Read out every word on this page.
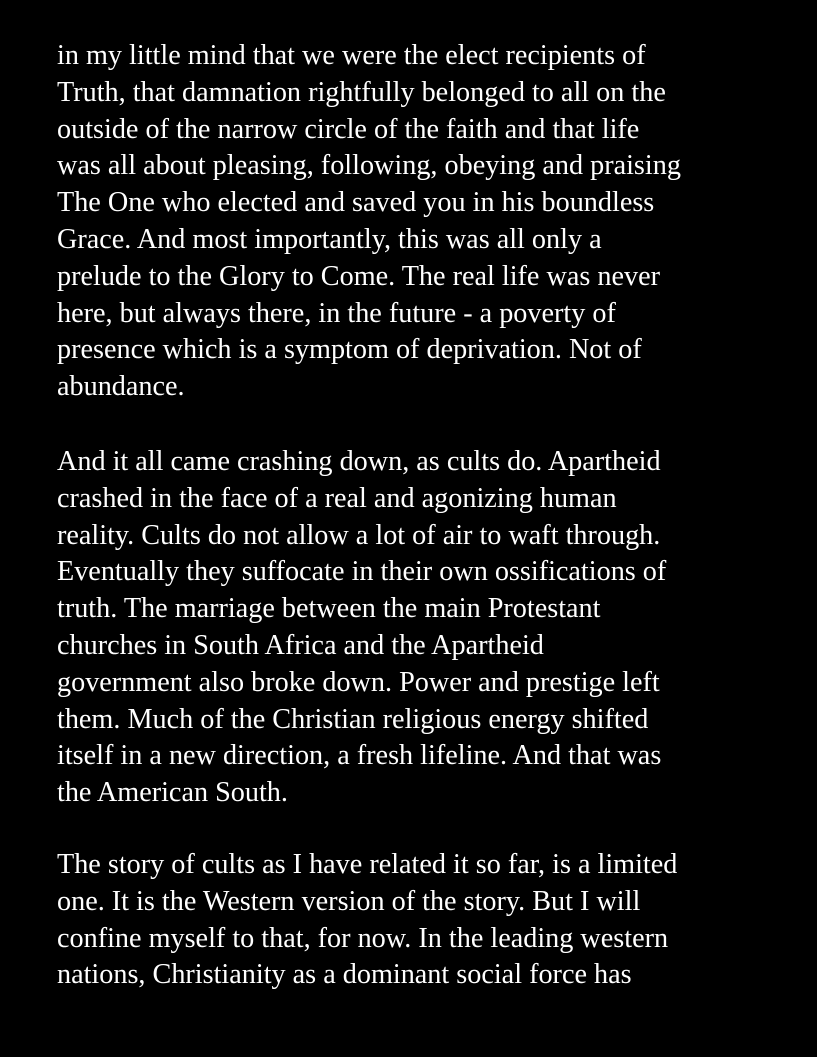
in my little mind that we were the elect recipients of
Truth, that damnation rightfully belonged to all on the
outside of the narrow circle of the faith and that life
was all about pleasing, following, obeying and praising
The One who elected and saved you in his boundless
Grace. And most importantly, this was all only a
prelude to the Glory to Come. The real life was never
here, but always there, in the future - a poverty of
presence which is a symptom of deprivation. Not of
abundance.
And it all came crashing down, as cults do. Apartheid
crashed in the face of a real and agonizing human
reality. Cults do not allow a lot of air to waft through.
Eventually they suffocate in their own ossifications of
truth. The marriage between the main Protestant
churches in South Africa and the Apartheid
government also broke down. Power and prestige left
them. Much of the Christian religious energy shifted
itself in a new direction, a fresh lifeline. And that was
the American South.
The story of cults as I have related it so far, is a limited
one. It is the Western version of the story. But I will
confine myself to that, for now. In the leading western
nations, Christianity as a dominant social force has
